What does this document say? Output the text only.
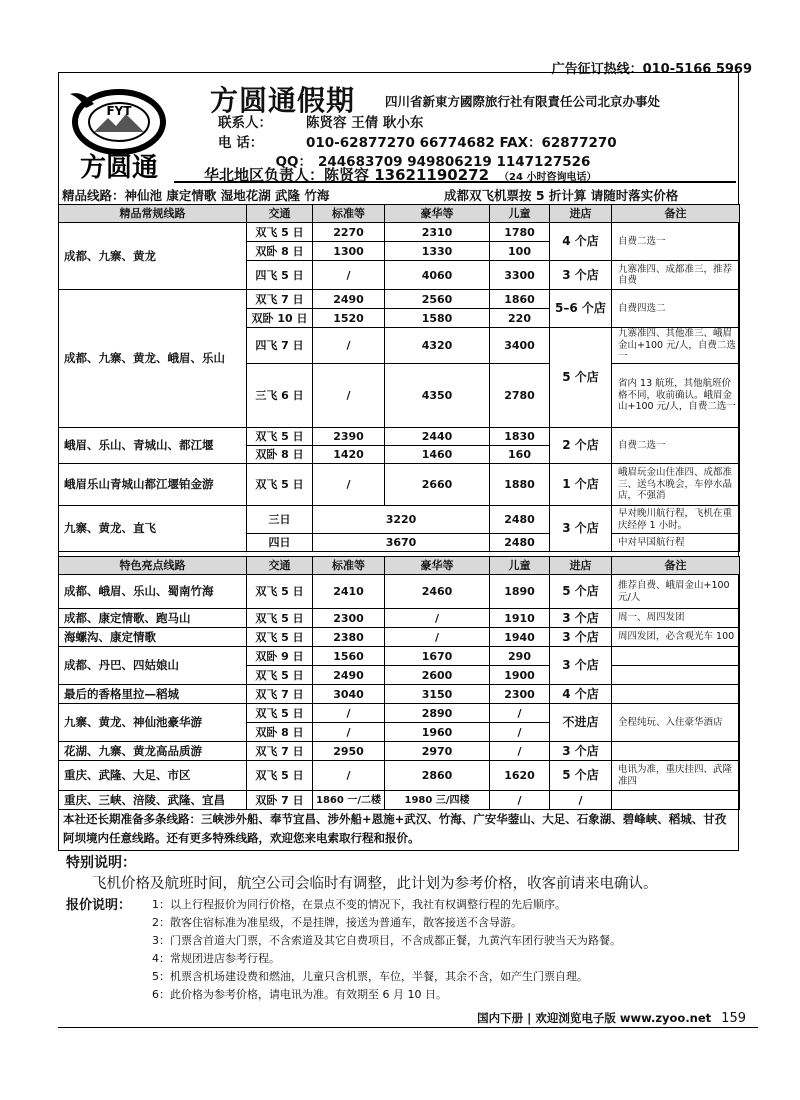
广告征订热线：010-5166 5969
FYT
方圆通
方圆通假期 四川省新東方國際旅行社有限責任公司北京办事处
联系人：	陈贤容 王倩 耿小东
电 话：	010-62877270 66774682 FAX：62877270
QQ： 244683709 949806219 1147127526
华北地区负责人：陈贤容 13621190272 （24 小时咨询电话）
精品线路：神仙池 康定情歌 湿地花湖 武隆 竹海	成都双飞机票按 5 折计算 请随时落实价格
精品常规线路	交通	标准等	豪华等	儿童	进店	备注
成都、九寨、黄龙	双飞 5 日	2270	2310	1780	4 个店	自费二选一
	双卧 8 日	1300	1330	100		
	四飞 5 日	/	4060	3300	3 个店	九寨准四、成都准三，推荐自费
成都、九寨、黄龙、峨眉、乐山	双飞 7 日	2490	2560	1860	5–6 个店	自费四选二
	双卧 10 日	1520	1580	220		
	四飞 7 日	/	4320	3400	5 个店	九寨准四、其他准三、峨眉金山+100 元/人，自费二选一
	三飞 6 日	/	4350	2780		省内 13 航班，其他航班价格不同，收前确认。峨眉金山+100 元/人，自费二选一
峨眉、乐山、青城山、都江堰	双飞 5 日	2390	2440	1830	2 个店	自费二选一
	双卧 8 日	1420	1460	160		
峨眉乐山青城山都江堰铂金游	双飞 5 日	/	2660	1880	1 个店	峨眉玩金山住准四、成都准三、送乌木晚会，车停水晶店，不强消
九寨、黄龙、直飞	三日	3220		2480	3 个店	早对晚川航行程，飞机在重庆经停 1 小时。
	四日	3670		2480		中对早国航行程
特色亮点线路	交通	标准等	豪华等	儿童	进店	备注
成都、峨眉、乐山、蜀南竹海	双飞 5 日	2410	2460	1890	5 个店	推荐自费、峨眉金山+100 元/人
成都、康定情歌、跑马山	双飞 5 日	2300	/	1910	3 个店	周一、周四发团
海螺沟、康定情歌	双飞 5 日	2380	/	1940	3 个店	周四发团，必含观光车 100
成都、丹巴、四姑娘山	双卧 9 日	1560	1670	290	3 个店	
	双飞 5 日	2490	2600	1900		
最后的香格里拉—稻城	双飞 7 日	3040	3150	2300	4 个店	
九寨、黄龙、神仙池豪华游	双飞 5 日	/	2890	/	不进店	全程纯玩、入住豪华酒店
	双卧 8 日	/	1960	/		
花湖、九寨、黄龙高品质游	双飞 7 日	2950	2970	/	3 个店	
重庆、武隆、大足、市区	双飞 5 日	/	2860	1620	5 个店	电讯为准，重庆挂四、武隆准四
重庆、三峡、涪陵、武隆、宜昌	双卧 7 日	1860 一/二楼	1980 三/四楼	/	/	
本社还长期准备多条线路：三峡涉外船、奉节宜昌、涉外船+恩施+武汉、竹海、广安华蓥山、大足、石象湖、碧峰峡、稻城、甘孜阿坝境内任意线路。还有更多特殊线路，欢迎您来电索取行程和报价。
特别说明：
飞机价格及航班时间，航空公司会临时有调整，此计划为参考价格，收客前请来电确认。
报价说明： 1：以上行程报价为同行价格，在景点不变的情况下，我社有权调整行程的先后顺序。
2：散客住宿标准为准星级，不是挂牌，接送为普通车，散客接送不含导游。
3：门票含首道大门票，不含索道及其它自费项目，不含成都正餐，九黄汽车团行驶当天为路餐。
4：常规团进店参考行程。
5：机票含机场建设费和燃油，儿童只含机票，车位，半餐，其余不含，如产生门票自理。
6：此价格为参考价格，请电讯为准。有效期至 6 月 10 日。
国内下册 | 欢迎浏览电子版 www.zyoo.net 159
